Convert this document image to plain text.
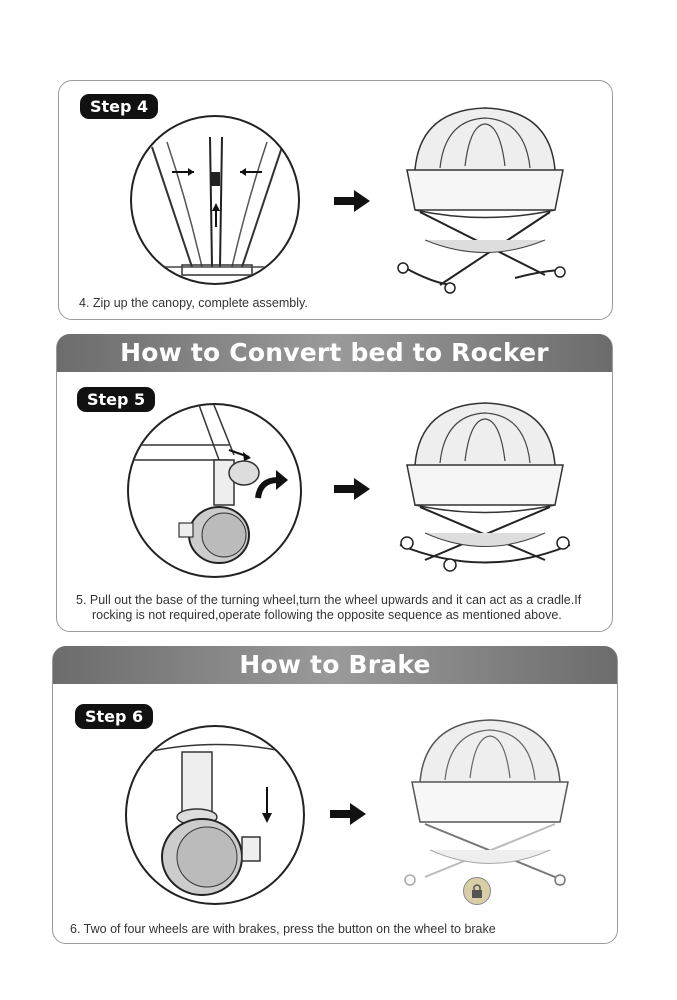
Step 4
4. Zip up the canopy, complete assembly.
How to Convert bed to Rocker
Step 5
5. Pull out the base of the turning wheel,turn the wheel upwards and it can act as a cradle.If
rocking is not required,operate following the opposite sequence as mentioned above.
How to Brake
Step 6
6. Two of four wheels are with brakes, press the button on the wheel to brake
